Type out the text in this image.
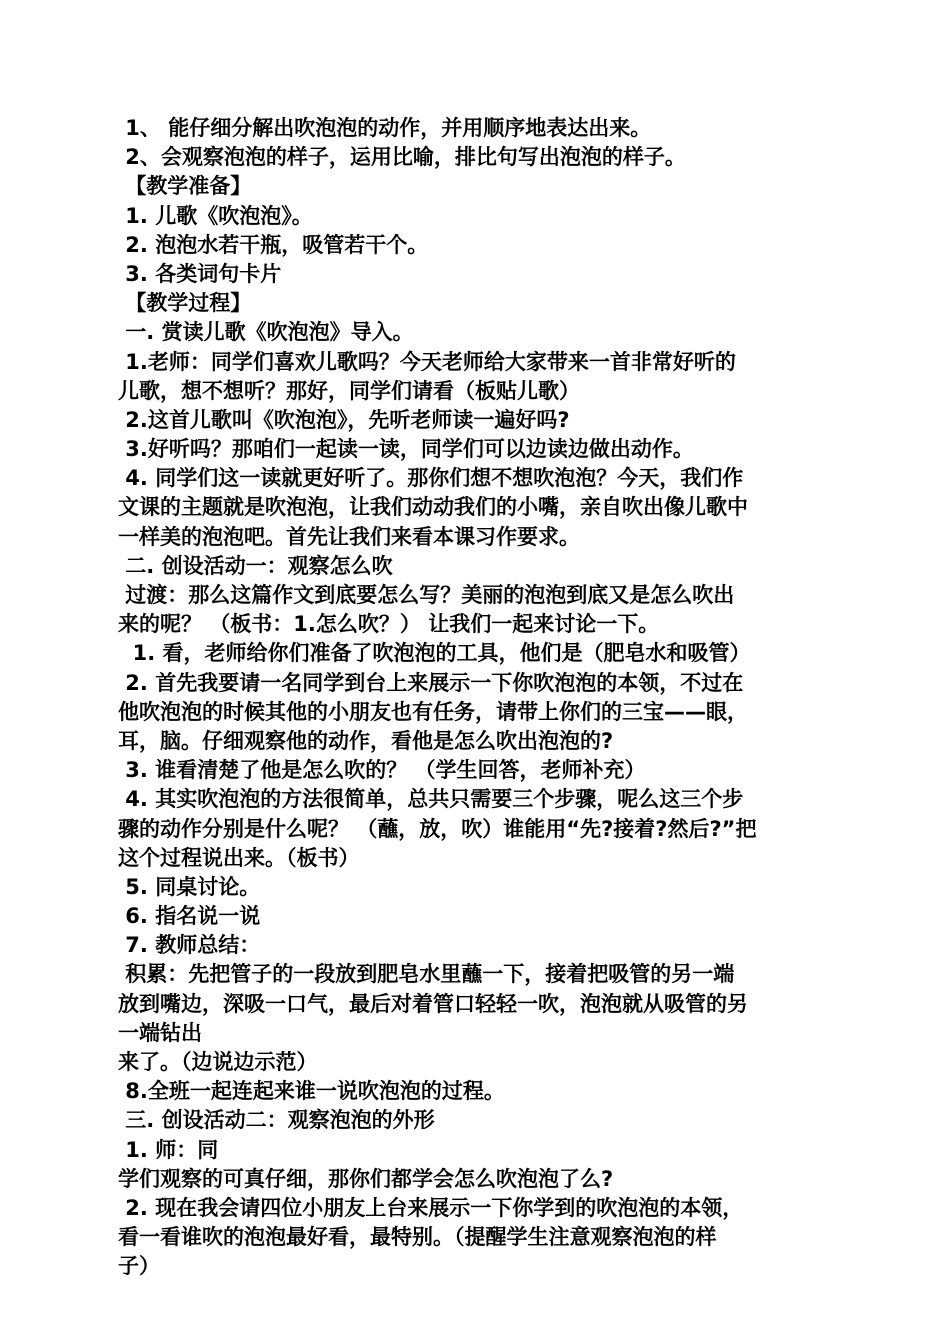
1、 能仔细分解出吹泡泡的动作，并用顺序地表达出来。
2、会观察泡泡的样子，运用比喻，排比句写出泡泡的样子。
【教学准备】
1. 儿歌《吹泡泡》。
2. 泡泡水若干瓶，吸管若干个。
3. 各类词句卡片
【教学过程】
一. 赏读儿歌《吹泡泡》导入。
1.老师：同学们喜欢儿歌吗？今天老师给大家带来一首非常好听的
儿歌，想不想听？那好，同学们请看（板贴儿歌）
2.这首儿歌叫《吹泡泡》，先听老师读一遍好吗?
3.好听吗？那咱们一起读一读，同学们可以边读边做出动作。
4. 同学们这一读就更好听了。那你们想不想吹泡泡？今天，我们作
文课的主题就是吹泡泡，让我们动动我们的小嘴，亲自吹出像儿歌中
一样美的泡泡吧。首先让我们来看本课习作要求。
二. 创设活动一：观察怎么吹
过渡：那么这篇作文到底要怎么写？美丽的泡泡到底又是怎么吹出
来的呢？ （板书：1.怎么吹？） 让我们一起来讨论一下。
1. 看，老师给你们准备了吹泡泡的工具，他们是（肥皂水和吸管）
2. 首先我要请一名同学到台上来展示一下你吹泡泡的本领，不过在
他吹泡泡的时候其他的小朋友也有任务，请带上你们的三宝——眼，
耳，脑。仔细观察他的动作，看他是怎么吹出泡泡的?
3. 谁看清楚了他是怎么吹的？ （学生回答，老师补充）
4. 其实吹泡泡的方法很简单，总共只需要三个步骤，呢么这三个步
骤的动作分别是什么呢？ （蘸，放，吹）谁能用“先?接着?然后?”把
这个过程说出来。（板书）
5. 同桌讨论。
6. 指名说一说
7. 教师总结：
积累：先把管子的一段放到肥皂水里蘸一下，接着把吸管的另一端
放到嘴边，深吸一口气，最后对着管口轻轻一吹，泡泡就从吸管的另
一端钻出
来了。（边说边示范）
8.全班一起连起来谁一说吹泡泡的过程。
三. 创设活动二：观察泡泡的外形
1. 师：同
学们观察的可真仔细，那你们都学会怎么吹泡泡了么?
2. 现在我会请四位小朋友上台来展示一下你学到的吹泡泡的本领，
看一看谁吹的泡泡最好看，最特别。（提醒学生注意观察泡泡的样
子）
